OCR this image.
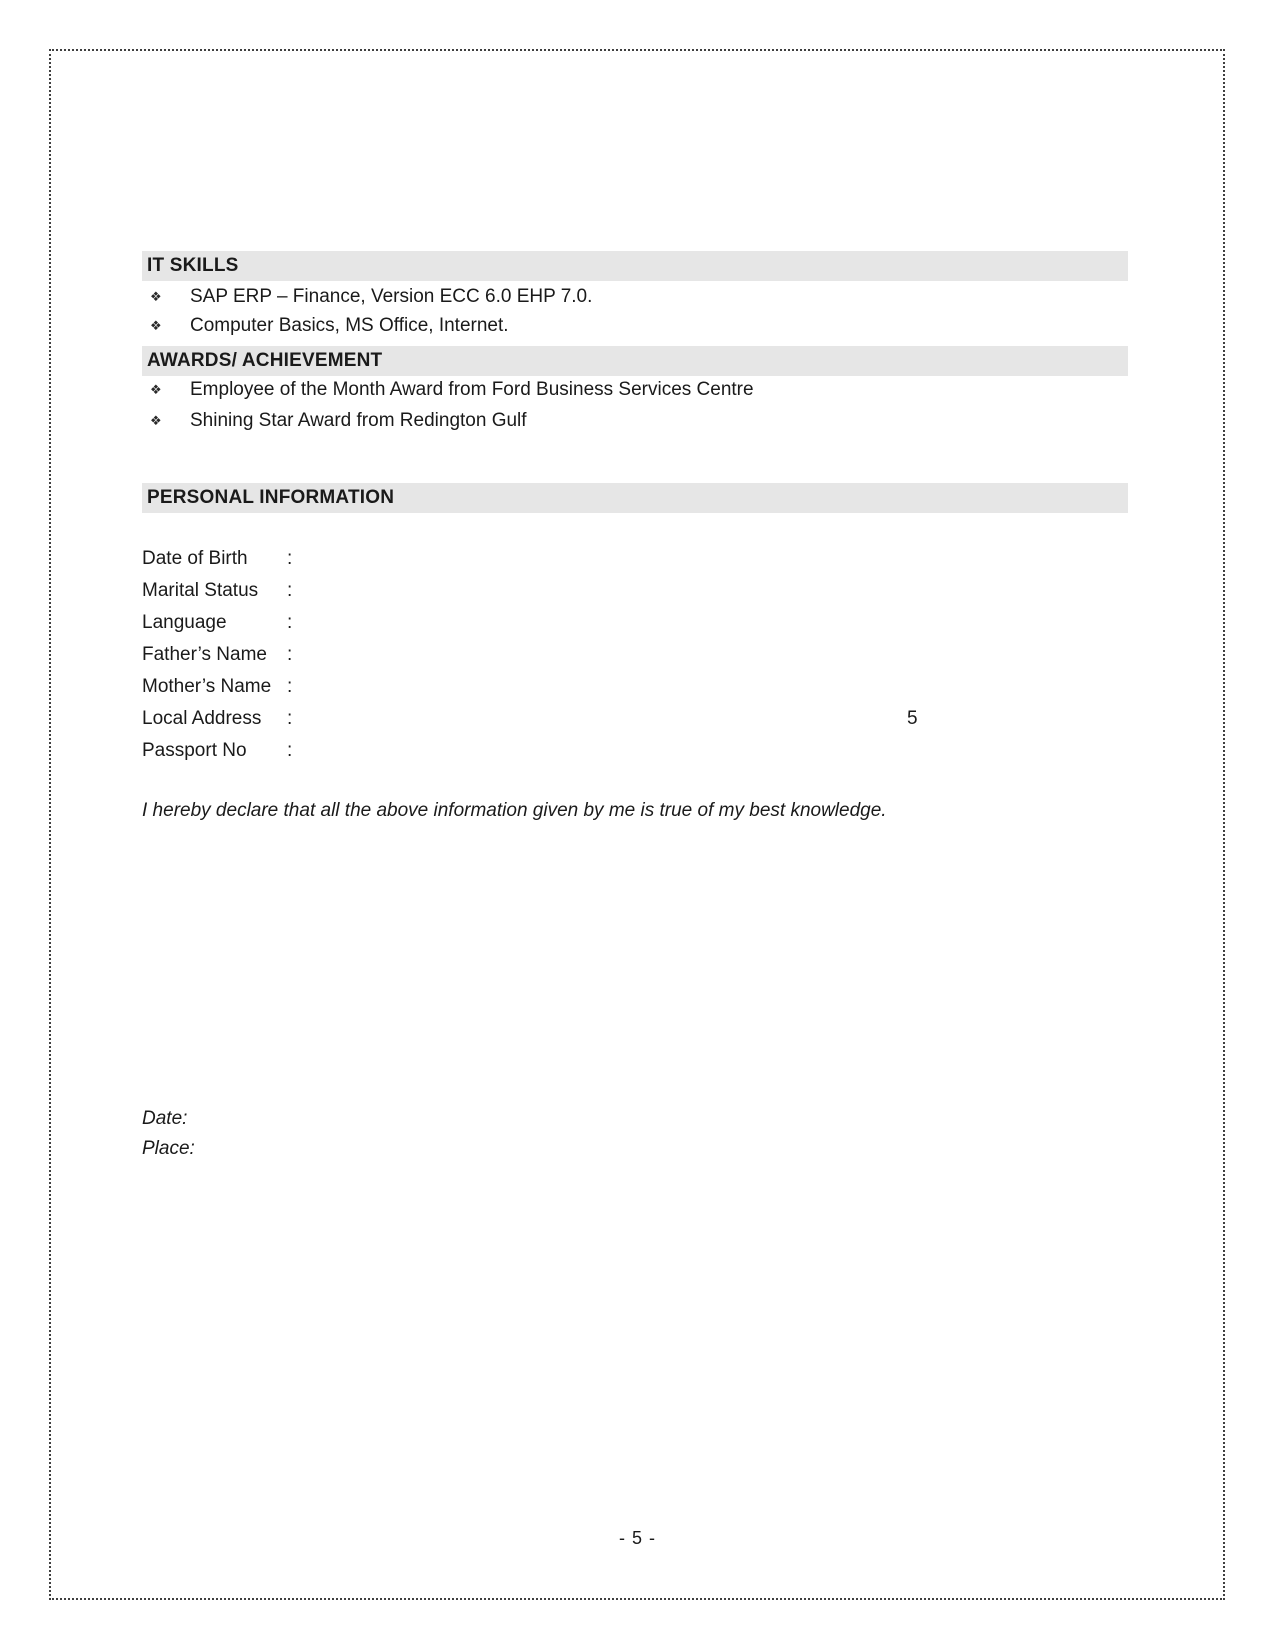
IT SKILLS
❖ SAP ERP – Finance, Version ECC 6.0 EHP 7.0.
❖ Computer Basics, MS Office, Internet.
AWARDS/ ACHIEVEMENT
❖ Employee of the Month Award from Ford Business Services Centre
❖ Shining Star Award from Redington Gulf
PERSONAL INFORMATION
Date of Birth	:
Marital Status	:
Language	:
Father’s Name	:
Mother’s Name :
Local Address	:	5
Passport No	:
I hereby declare that all the above information given by me is true of my best knowledge.
Date:
Place:
- 5 -
